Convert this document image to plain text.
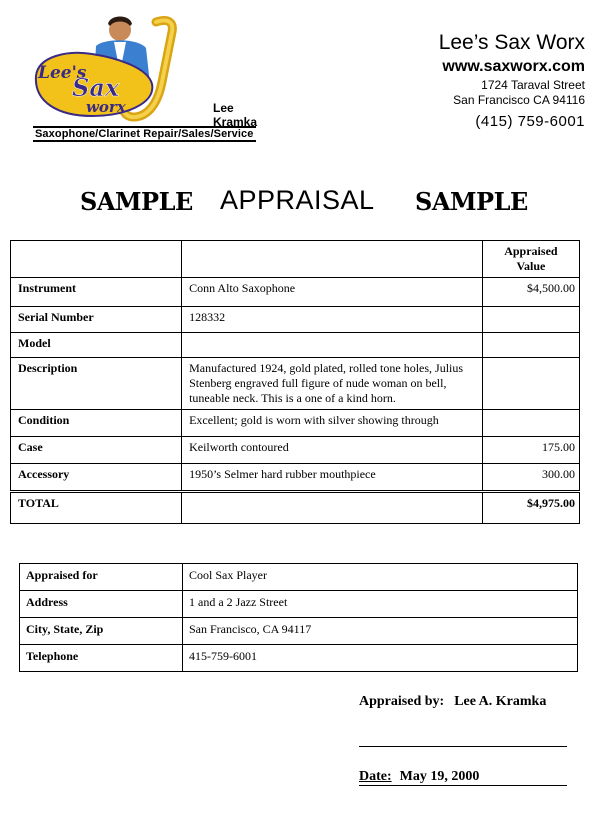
Lee's
Sax
worx	Lee Kramka
Saxophone/Clarinet Repair/Sales/Service
Lee’s Sax Worx
www.saxworx.com
1724 Taraval Street
San Francisco CA 94116
(415) 759-6001
SAMPLE APPRAISAL SAMPLE
		Appraised Value
Instrument	Conn Alto Saxophone	$4,500.00
Serial Number	128332	
Model		
Description	Manufactured 1924, gold plated, rolled tone holes, Julius Stenberg engraved full figure of nude woman on bell, tuneable neck. This is a one of a kind horn.	
Condition	Excellent; gold is worn with silver showing through	
Case	Keilworth contoured	175.00
Accessory	1950’s Selmer hard rubber mouthpiece	300.00
TOTAL		$4,975.00
Appraised for	Cool Sax Player
Address	1 and a 2 Jazz Street
City, State, Zip	San Francisco, CA 94117
Telephone	415-759-6001
Appraised by: Lee A. Kramka
Date: May 19, 2000
